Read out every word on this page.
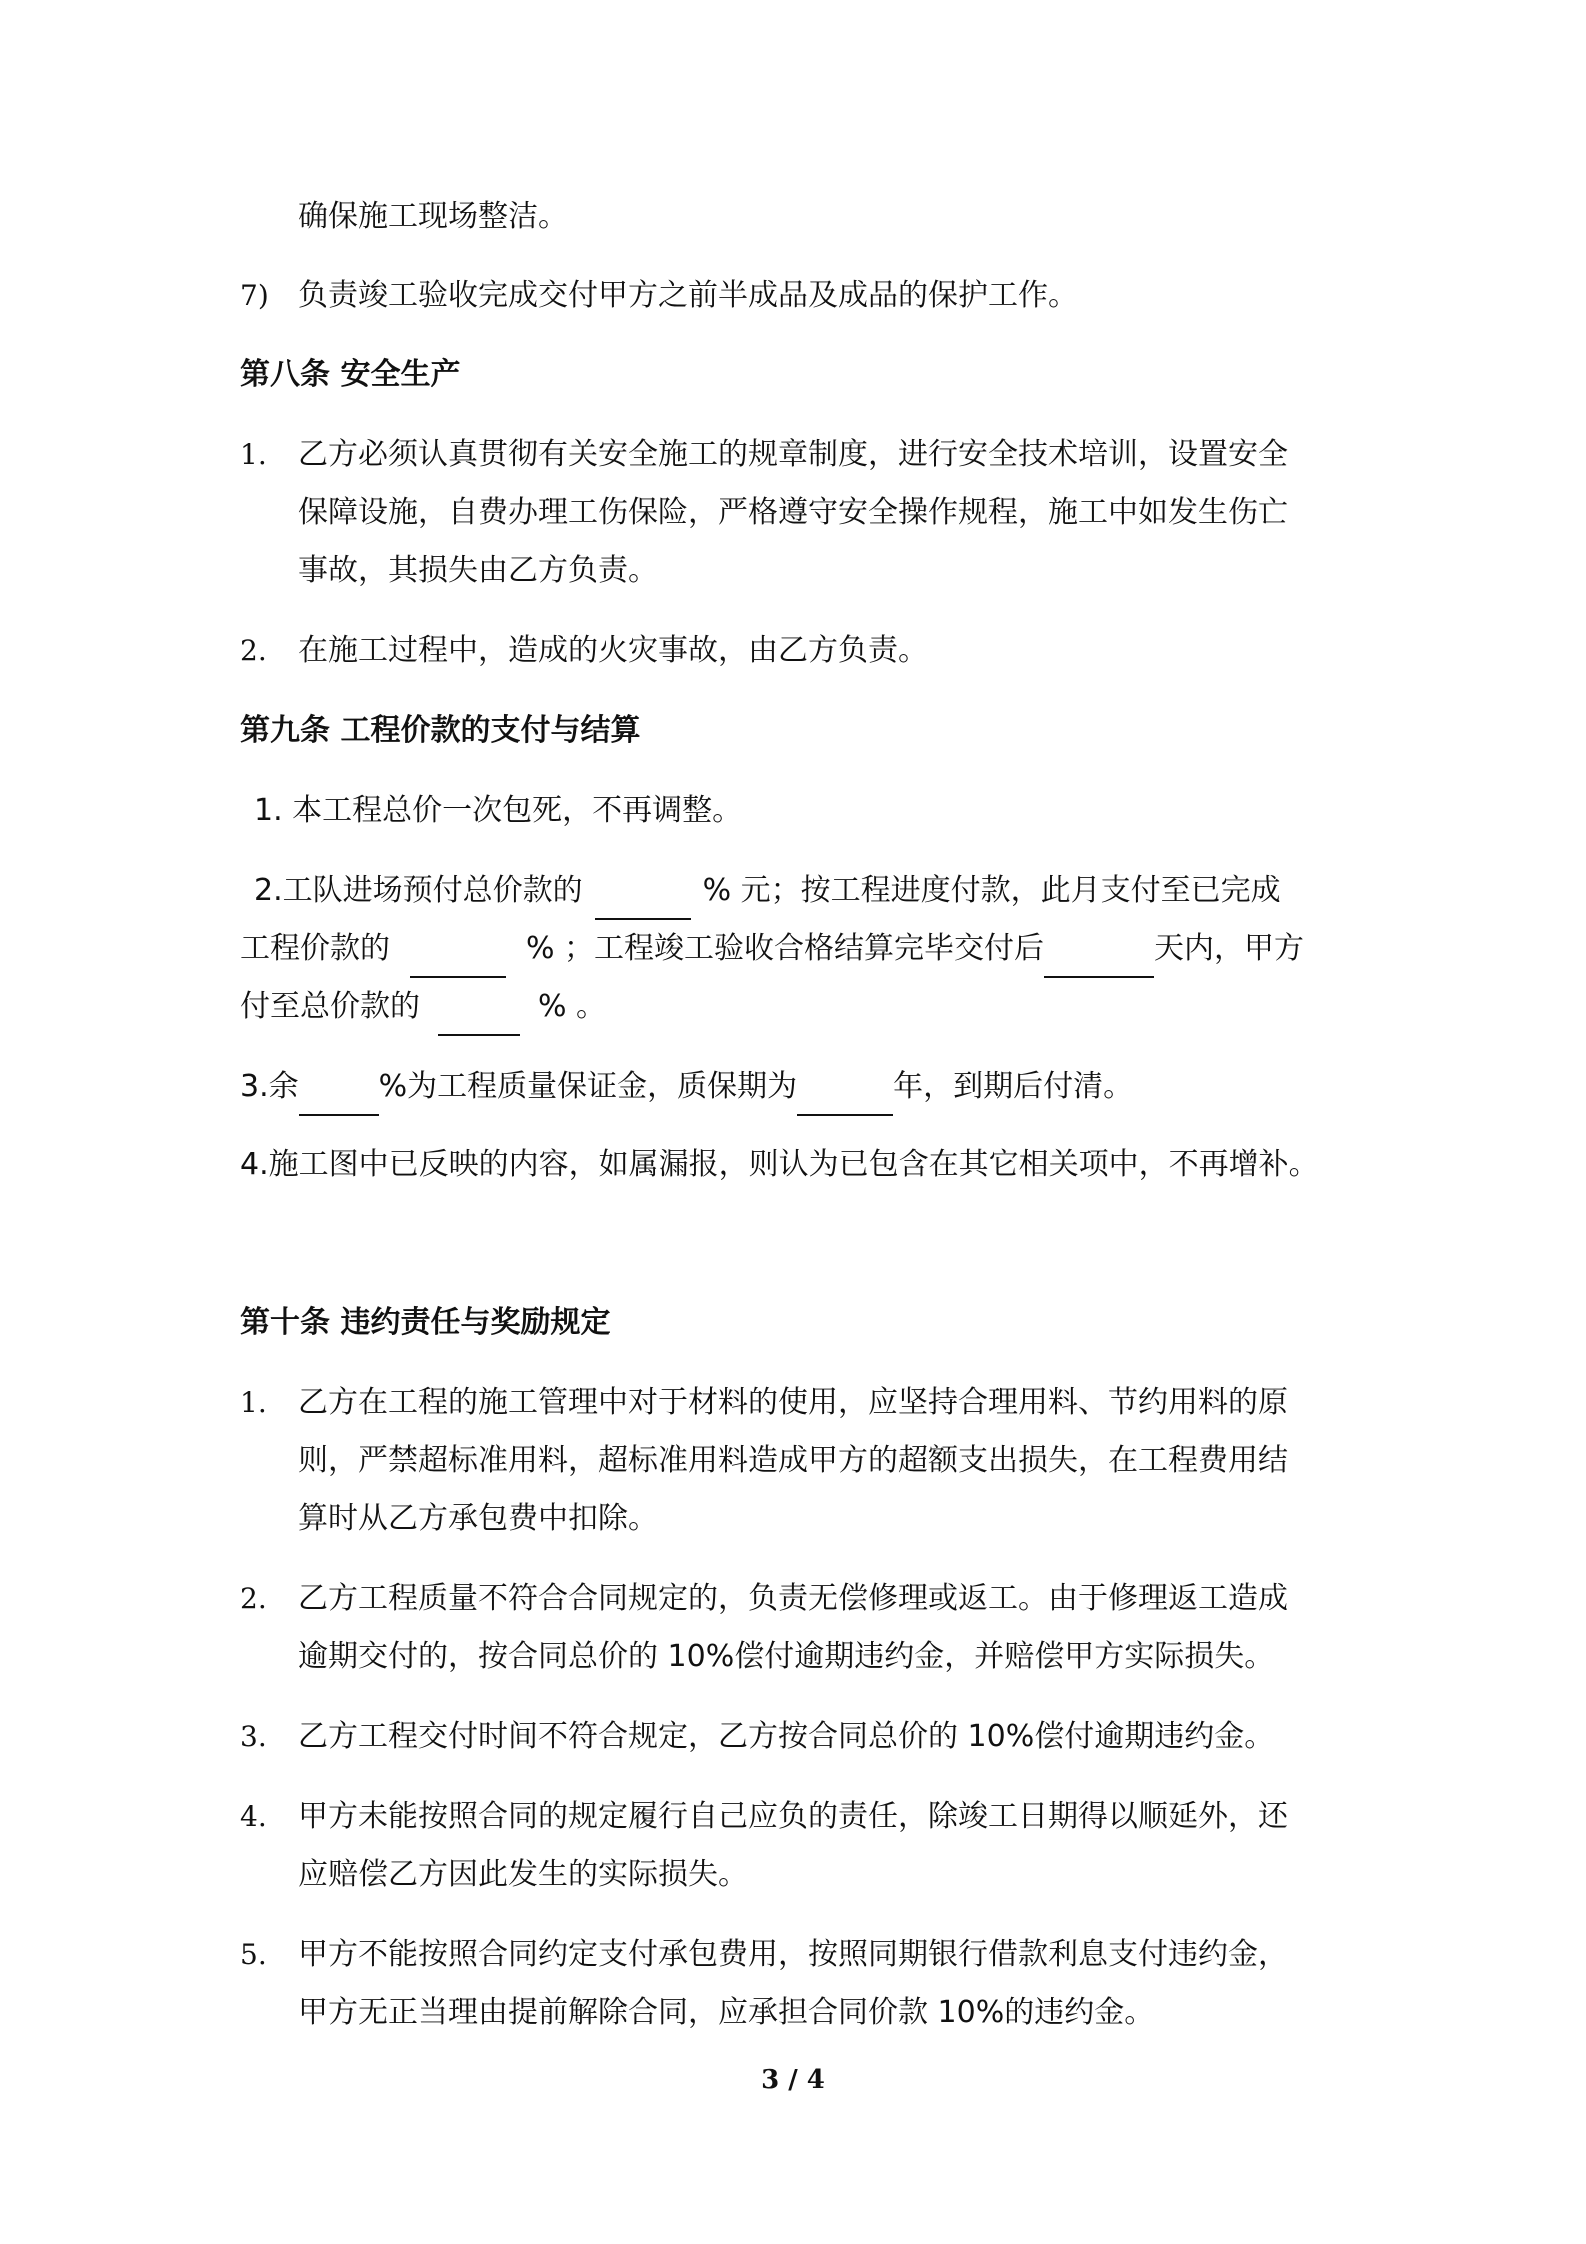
确保施工现场整洁。
7) 负责竣工验收完成交付甲方之前半成品及成品的保护工作。
第八条 安全生产
1. 乙方必须认真贯彻有关安全施工的规章制度，进行安全技术培训，设置安全
保障设施，自费办理工伤保险，严格遵守安全操作规程，施工中如发生伤亡
事故，其损失由乙方负责。
2. 在施工过程中，造成的火灾事故，由乙方负责。
第九条 工程价款的支付与结算
1. 本工程总价一次包死，不再调整。
2.工队进场预付总价款的	% 元；按工程进度付款，此月支付至已完成
工程价款的	% ；工程竣工验收合格结算完毕交付后	天内，甲方
付至总价款的	% 。
3.余	%为工程质量保证金，质保期为	年，到期后付清。
4.施工图中已反映的内容，如属漏报，则认为已包含在其它相关项中，不再增补。
第十条 违约责任与奖励规定
1. 乙方在工程的施工管理中对于材料的使用，应坚持合理用料、节约用料的原
则，严禁超标准用料，超标准用料造成甲方的超额支出损失，在工程费用结
算时从乙方承包费中扣除。
2. 乙方工程质量不符合合同规定的，负责无偿修理或返工。由于修理返工造成
逾期交付的，按合同总价的 10%偿付逾期违约金，并赔偿甲方实际损失。
3. 乙方工程交付时间不符合规定，乙方按合同总价的 10%偿付逾期违约金。
4. 甲方未能按照合同的规定履行自己应负的责任，除竣工日期得以顺延外，还
应赔偿乙方因此发生的实际损失。
5. 甲方不能按照合同约定支付承包费用，按照同期银行借款利息支付违约金，
甲方无正当理由提前解除合同，应承担合同价款 10%的违约金。
3 / 4
